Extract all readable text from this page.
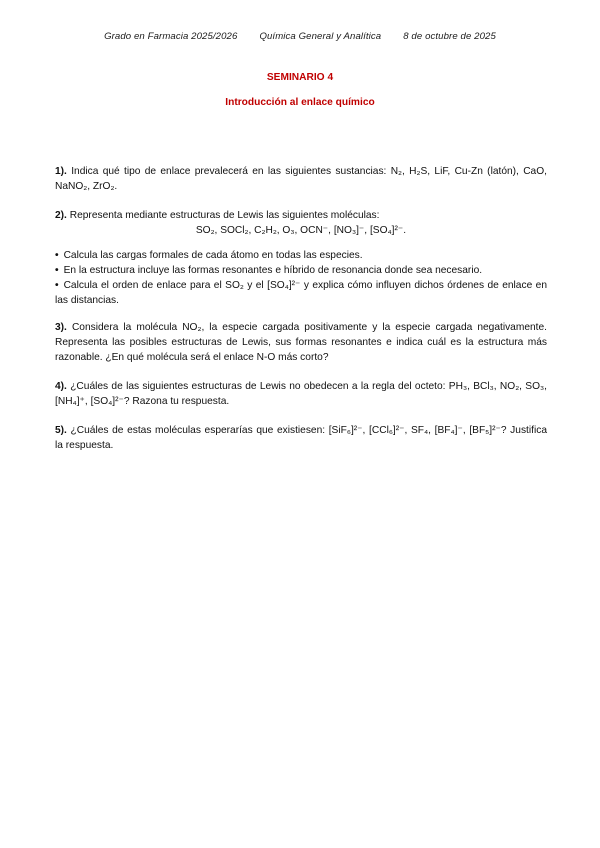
Grado en Farmacia 2025/2026 Química General y Analítica 8 de octubre de 2025
SEMINARIO 4
Introducción al enlace químico

1). Indica qué tipo de enlace prevalecerá en las siguientes sustancias: N₂, H₂S, LiF, Cu-Zn (latón), CaO, NaNO₂, ZrO₂.

2). Representa mediante estructuras de Lewis las siguientes moléculas:
SO₂, SOCl₂, C₂H₂, O₃, OCN⁻, [NO₃]⁻, [SO₄]²⁻.
• Calcula las cargas formales de cada átomo en todas las especies.
• En la estructura incluye las formas resonantes e híbrido de resonancia donde sea necesario.
• Calcula el orden de enlace para el SO₂ y el [SO₄]²⁻ y explica cómo influyen dichos órdenes de enlace en las distancias.

3). Considera la molécula NO₂, la especie cargada positivamente y la especie cargada negativamente. Representa las posibles estructuras de Lewis, sus formas resonantes e indica cuál es la estructura más razonable. ¿En qué molécula será el enlace N-O más corto?

4). ¿Cuáles de las siguientes estructuras de Lewis no obedecen a la regla del octeto: PH₃, BCl₃, NO₂, SO₃, [NH₄]⁺, [SO₄]²⁻? Razona tu respuesta.

5). ¿Cuáles de estas moléculas esperarías que existiesen: [SiF₆]²⁻, [CCl₆]²⁻, SF₄, [BF₄]⁻, [BF₅]²⁻? Justifica la respuesta.
